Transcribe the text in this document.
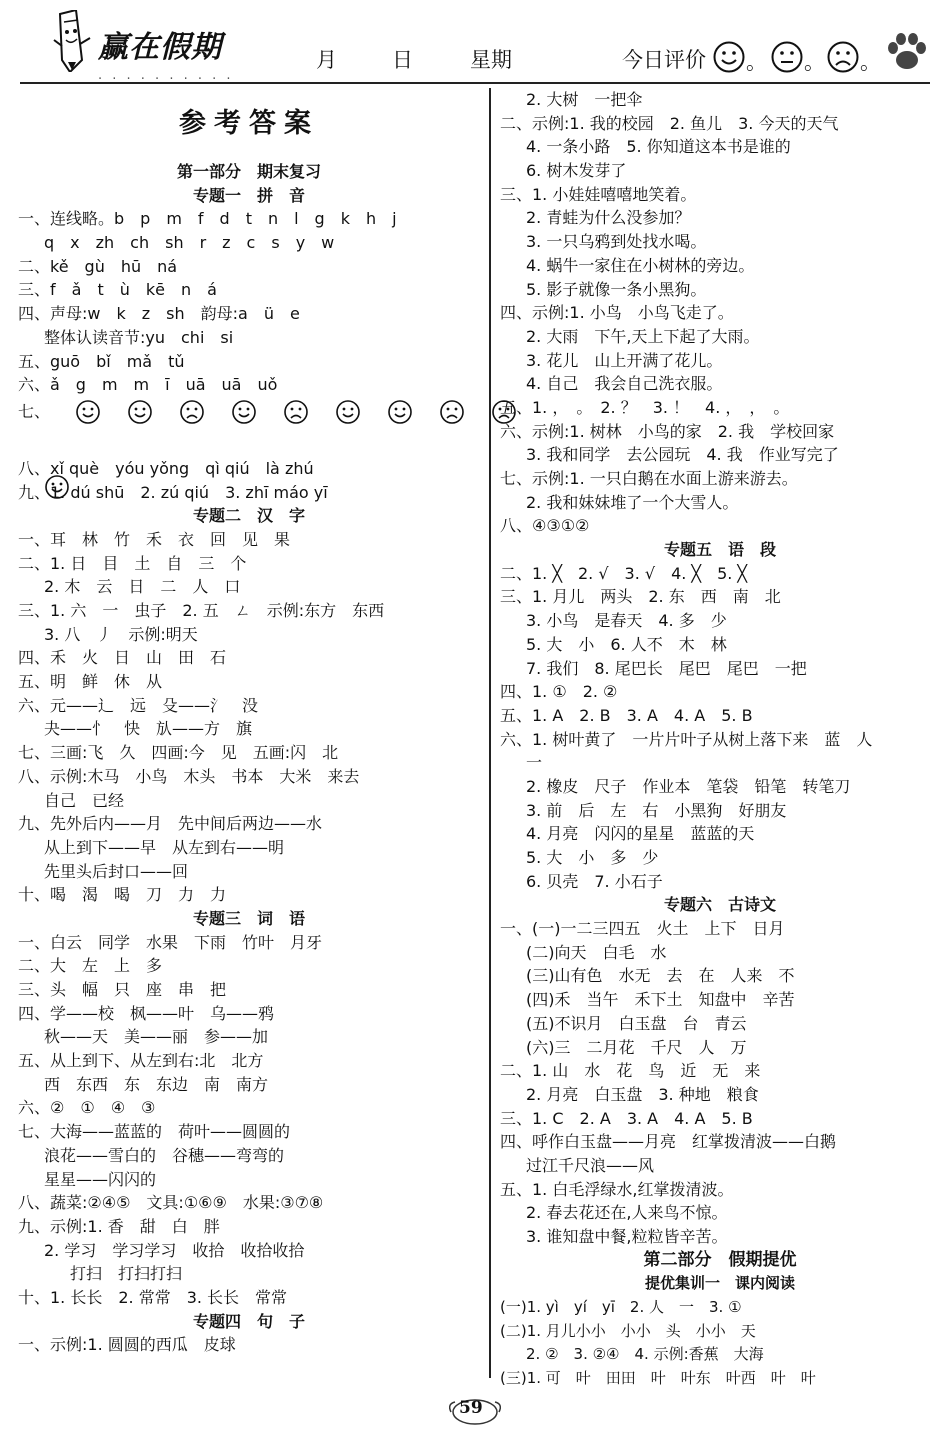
赢在假期
· · · · · · · · · ·
月	日	星期	今日评价 。 。 。
参考答案
第一部分　期末复习
专题一　拼　音
一、连线略。b　p　m　f　d　t　n　l　g　k　h　j
q　x　zh　ch　sh　r　z　c　s　y　w
二、kě　gù　hū　ná
三、f　ǎ　t　ù　kē　n　á
四、声母:w　k　z　sh　韵母:a　ü　e
整体认读音节:yu　chi　si
五、guō　bǐ　mǎ　tǔ
六、ǎ　g　m　m　ī　uā　uā　uǒ
七、

八、xǐ què　yóu yǒng　qì qiú　là zhú
九、1. dú shū　2. zú qiú　3. zhī máo yī
专题二　汉　字
一、耳　林　竹　禾　衣　回　见　果
二、1. 日　目　土　自　三　个
2. 木　云　日　二　人　口
三、1. 六　一　虫子　2. 五　ㄥ　示例:东方　东西
3. 八　丿　示例:明天
四、禾　火　日　山　田　石
五、明　鲜　休　从
六、元——辶　远　殳——氵　没
夬——忄　快　㫃——方　旗
七、三画:飞　久　四画:今　见　五画:闪　北
八、示例:木马　小鸟　木头　书本　大米　来去
自己　已经
九、先外后内——月　先中间后两边——水
从上到下——早　从左到右——明
先里头后封口——回
十、喝　渴　喝　刀　力　力
专题三　词　语
一、白云　同学　水果　下雨　竹叶　月牙
二、大　左　上　多
三、头　幅　只　座　串　把
四、学——校　枫——叶　乌——鸦
秋——天　美——丽　参——加
五、从上到下、从左到右:北　北方
西　东西　东　东边　南　南方
六、②　①　④　③
七、大海——蓝蓝的　荷叶——圆圆的
浪花——雪白的　谷穗——弯弯的
星星——闪闪的
八、蔬菜:②④⑤　文具:①⑥⑨　水果:③⑦⑧
九、示例:1. 香　甜　白　胖
2. 学习　学习学习　收拾　收拾收拾
打扫　打扫打扫
十、1. 长长　2. 常常　3. 长长　常常
专题四　句　子
一、示例:1. 圆圆的西瓜　皮球
2. 大树　一把伞
二、示例:1. 我的校园　2. 鱼儿　3. 今天的天气
4. 一条小路　5. 你知道这本书是谁的
6. 树木发芽了
三、1. 小娃娃嘻嘻地笑着。
2. 青蛙为什么没参加？
3. 一只乌鸦到处找水喝。
4. 蜗牛一家住在小树林的旁边。
5. 影子就像一条小黑狗。
四、示例:1. 小鸟　小鸟飞走了。
2. 大雨　下午,天上下起了大雨。
3. 花儿　山上开满了花儿。
4. 自己　我会自己洗衣服。
五、1. ，　。　2. ？　3. ！　4. ，　，　。
六、示例:1. 树林　小鸟的家　2. 我　学校回家
3. 我和同学　去公园玩　4. 我　作业写完了
七、示例:1. 一只白鹅在水面上游来游去。
2. 我和妹妹堆了一个大雪人。
八、④③①②
专题五　语　段
二、1. ╳　2. √　3. √　4. ╳　5. ╳
三、1. 月儿　两头　2. 东　西　南　北
3. 小鸟　是春天　4. 多　少
5. 大　小　6. 人不　木　林
7. 我们　8. 尾巴长　尾巴　尾巴　一把
四、1. ①　2. ②
五、1. A　2. B　3. A　4. A　5. B
六、1. 树叶黄了　一片片叶子从树上落下来　蓝　人
一
2. 橡皮　尺子　作业本　笔袋　铅笔　转笔刀
3. 前　后　左　右　小黑狗　好朋友
4. 月亮　闪闪的星星　蓝蓝的天
5. 大　小　多　少
6. 贝壳　7. 小石子
专题六　古诗文
一、(一)一二三四五　火土　上下　日月
(二)向天　白毛　水
(三)山有色　水无　去　在　人来　不
(四)禾　当午　禾下土　知盘中　辛苦
(五)不识月　白玉盘　台　青云
(六)三　二月花　千尺　人　万
二、1. 山　水　花　鸟　近　无　来
2. 月亮　白玉盘　3. 种地　粮食
三、1. C　2. A　3. A　4. A　5. B
四、呼作白玉盘——月亮　红掌拨清波——白鹅
过江千尺浪——风
五、1. 白毛浮绿水,红掌拨清波。
2. 春去花还在,人来鸟不惊。
3. 谁知盘中餐,粒粒皆辛苦。
第二部分　假期提优
提优集训一　课内阅读
(一)1. yì　yí　yī　2. 人　一　3. ①
(二)1. 月儿小小　小小　头　小小　天
2. ②　3. ②④　4. 示例:香蕉　大海
(三)1. 可　叶　田田　叶　叶东　叶西　叶　叶
59
